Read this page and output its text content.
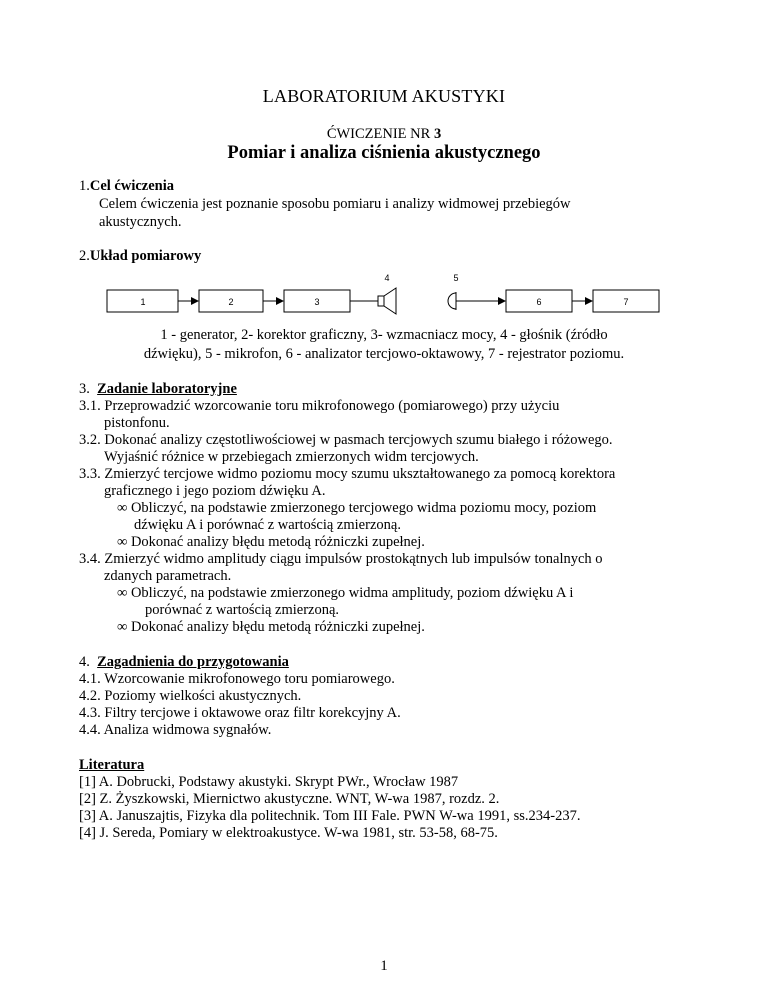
LABORATORIUM AKUSTYKI
ĆWICZENIE NR 3
Pomiar i analiza ciśnienia akustycznego
1.Cel ćwiczenia
Celem ćwiczenia jest poznanie sposobu pomiaru i analizy widmowej przebiegów
akustycznych.
2.Układ pomiarowy
1	2	3
4	5
6	7
1 - generator, 2- korektor graficzny, 3- wzmacniacz mocy, 4 - głośnik (źródło
dźwięku), 5 - mikrofon, 6 - analizator tercjowo-oktawowy, 7 - rejestrator poziomu.
3. Zadanie laboratoryjne
3.1. Przeprowadzić wzorcowanie toru mikrofonowego (pomiarowego) przy użyciu
pistonfonu.
3.2. Dokonać analizy częstotliwościowej w pasmach tercjowych szumu białego i różowego.
Wyjaśnić różnice w przebiegach zmierzonych widm tercjowych.
3.3. Zmierzyć tercjowe widmo poziomu mocy szumu ukształtowanego za pomocą korektora
graficznego i jego poziom dźwięku A.
∞ Obliczyć, na podstawie zmierzonego tercjowego widma poziomu mocy, poziom
dźwięku A i porównać z wartością zmierzoną.
∞ Dokonać analizy błędu metodą różniczki zupełnej.
3.4. Zmierzyć widmo amplitudy ciągu impulsów prostokątnych lub impulsów tonalnych o
zdanych parametrach.
∞ Obliczyć, na podstawie zmierzonego widma amplitudy, poziom dźwięku A i
porównać z wartością zmierzoną.
∞ Dokonać analizy błędu metodą różniczki zupełnej.
4. Zagadnienia do przygotowania
4.1. Wzorcowanie mikrofonowego toru pomiarowego.
4.2. Poziomy wielkości akustycznych.
4.3. Filtry tercjowe i oktawowe oraz filtr korekcyjny A.
4.4. Analiza widmowa sygnałów.
Literatura
[1] A. Dobrucki, Podstawy akustyki. Skrypt PWr., Wrocław 1987
[2] Z. Żyszkowski, Miernictwo akustyczne. WNT, W-wa 1987, rozdz. 2.
[3] A. Januszajtis, Fizyka dla politechnik. Tom III Fale. PWN W-wa 1991, ss.234-237.
[4] J. Sereda, Pomiary w elektroakustyce. W-wa 1981, str. 53-58, 68-75.
1
